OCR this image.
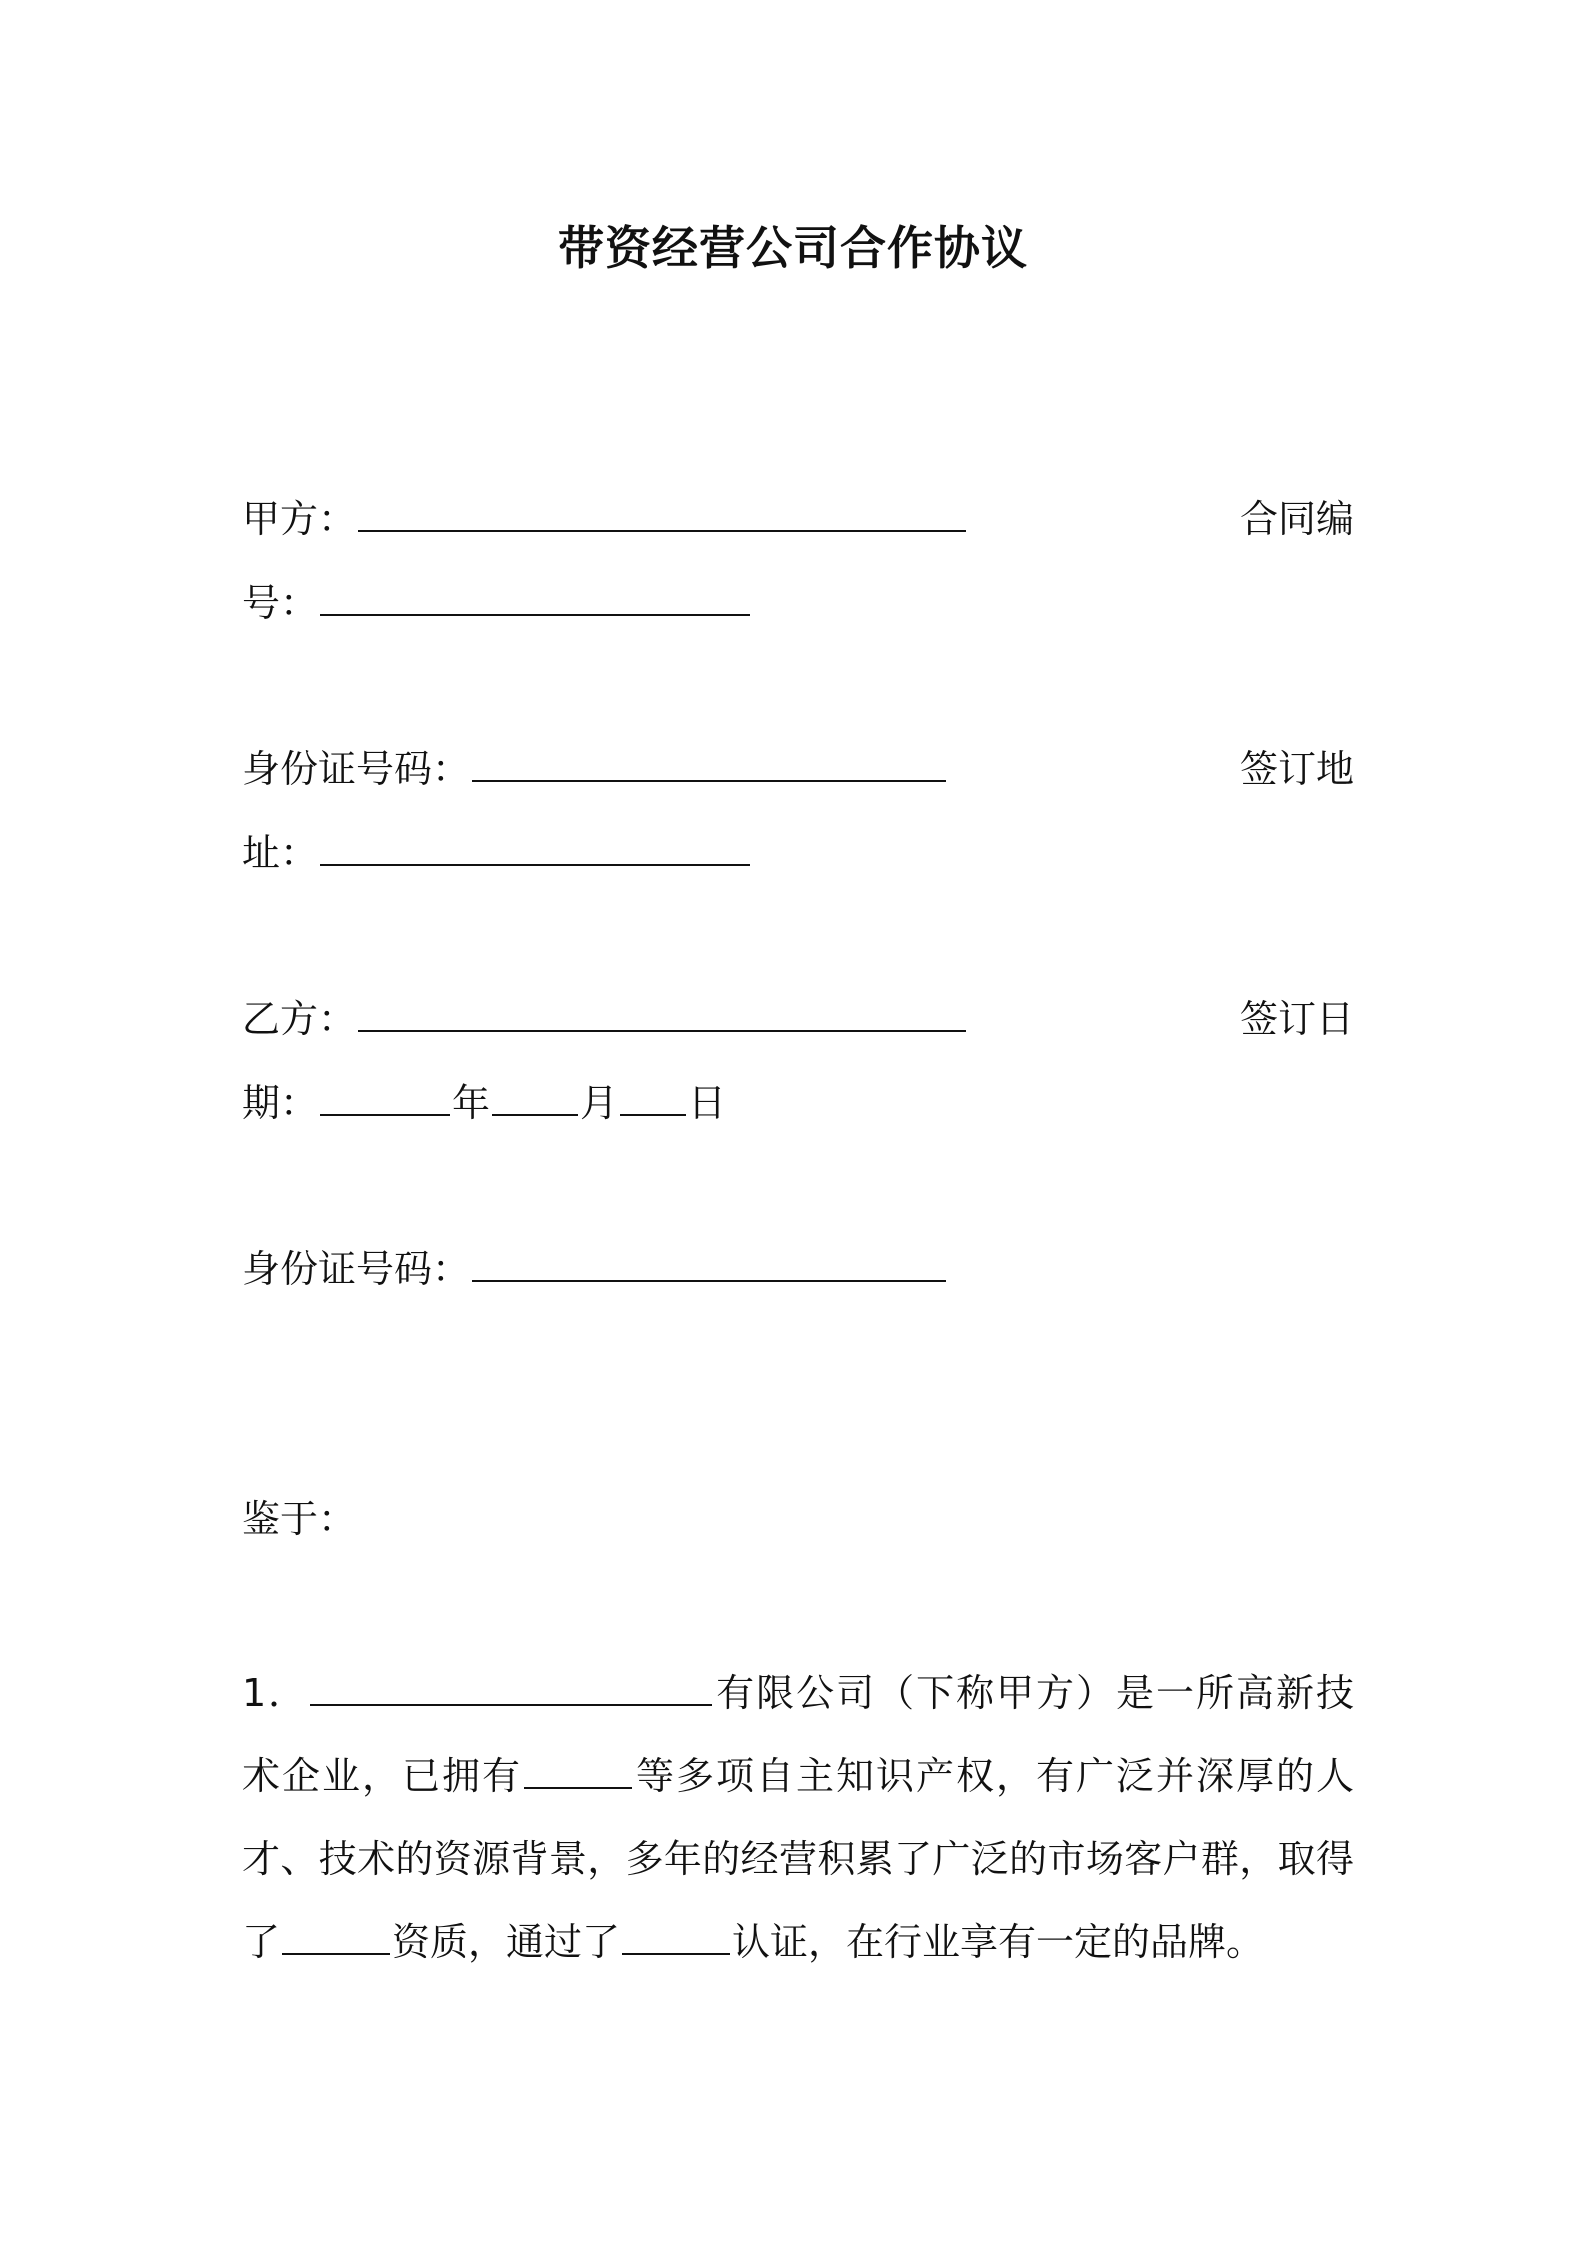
带资经营公司合作协议
甲方：	合同编
号：
身份证号码：	签订地
址：
乙方：	签订日
期：	年 月 日
身份证号码：
鉴于：
1．	有限公司（下称甲方）是一所高新技术企业，已拥有	等多项自主知识产权，有广泛并深厚的人才、技术的资源背景，多年的经营积累了广泛的市场客户群，取得了	资质，通过了	认证，在行业享有一定的品牌。
